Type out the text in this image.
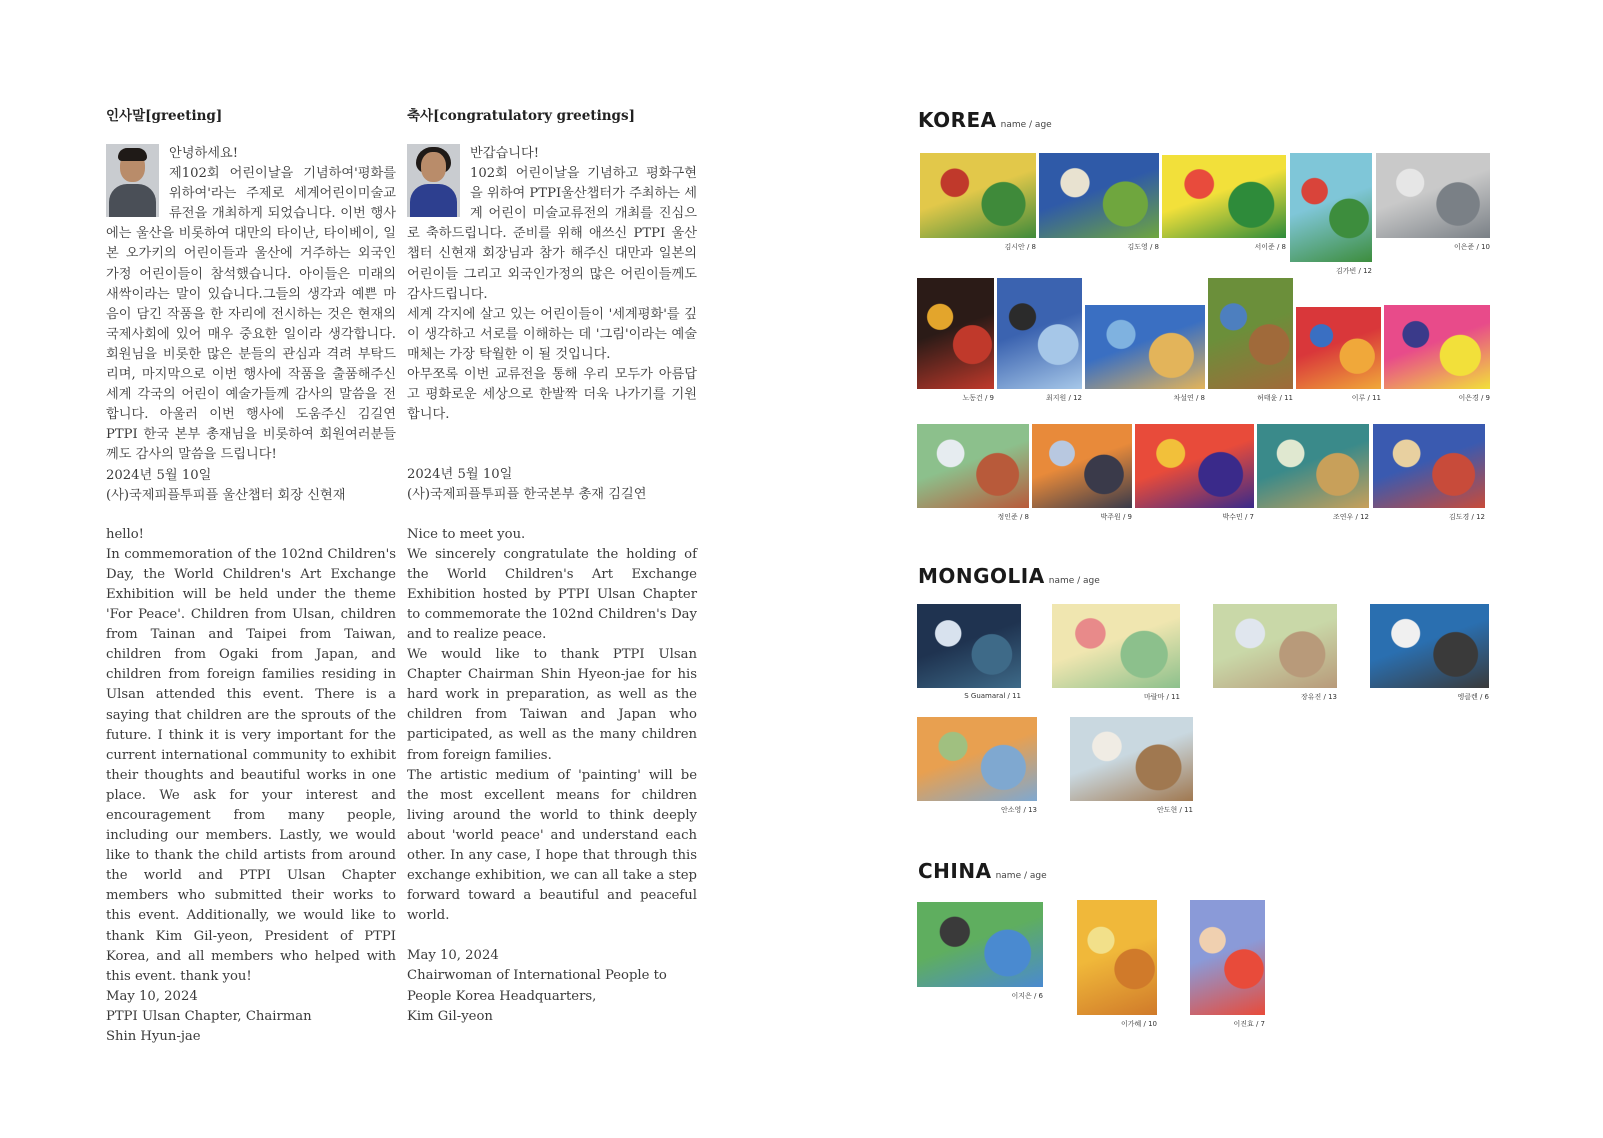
인사말[greeting]

안녕하세요!

제102회 어린이날을 기념하여'평화를 위하여'라는 주제로 세계어린이미술교류전을 개최하게 되었습니다. 이번 행사에는 울산을 비롯하여 대만의 타이난, 타이베이, 일본 오가키의 어린이들과 울산에 거주하는 외국인 가정 어린이들이 참석했습니다. 아이들은 미래의 새싹이라는 말이 있습니다.그들의 생각과 예쁜 마음이 담긴 작품을 한 자리에 전시하는 것은 현재의 국제사회에 있어 매우 중요한 일이라 생각합니다. 회원님을 비롯한 많은 분들의 관심과 격려 부탁드리며, 마지막으로 이번 행사에 작품을 출품해주신 세계 각국의 어린이 예술가들께 감사의 말씀을 전합니다. 아울러 이번 행사에 도움주신 김길연 PTPI 한국 본부 총재님을 비롯하여 회원여러분들께도 감사의 말씀을 드립니다!

2024년 5월 10일

(사)국제피플투피플 울산챕터 회장 신현재

hello!

In commemoration of the 102nd Children's Day, the World Children's Art Exchange Exhibition will be held under the theme 'For Peace'. Children from Ulsan, children from Tainan and Taipei from Taiwan, children from Ogaki from Japan, and children from foreign families residing in Ulsan attended this event. There is a saying that children are the sprouts of the future. I think it is very important for the current international community to exhibit their thoughts and beautiful works in one place. We ask for your interest and encouragement from many people, including our members. Lastly, we would like to thank the child artists from around the world and PTPI Ulsan Chapter members who submitted their works to this event. Additionally, we would like to thank Kim Gil-yeon, President of PTPI Korea, and all members who helped with this event. thank you!

May 10, 2024

PTPI Ulsan Chapter, Chairman

Shin Hyun-jae

축사[congratulatory greetings]

반갑습니다!

102회 어린이날을 기념하고 평화구현을 위하여 PTPI울산챕터가 주최하는 세계 어린이 미술교류전의 개최를 진심으로 축하드립니다. 준비를 위해 애쓰신 PTPI 울산챕터 신현재 회장님과 참가 해주신 대만과 일본의 어린이들 그리고 외국인가정의 많은 어린이들께도 감사드립니다.

세계 각지에 살고 있는 어린이들이 '세계평화'를 깊이 생각하고 서로를 이해하는 데 '그림'이라는 예술 매체는 가장 탁월한 이 될 것입니다.

아무쪼록 이번 교류전을 통해 우리 모두가 아름답고 평화로운 세상으로 한발짝 더욱 나가기를 기원합니다.

2024년 5월 10일

(사)국제피플투피플 한국본부 총재 김길연

Nice to meet you.

We sincerely congratulate the holding of the World Children's Art Exchange Exhibition hosted by PTPI Ulsan Chapter to commemorate the 102nd Children's Day and to realize peace.

We would like to thank PTPI Ulsan Chapter Chairman Shin Hyeon-jae for his hard work in preparation, as well as the children from Taiwan and Japan who participated, as well as the many children from foreign families.

The artistic medium of 'painting' will be the most excellent means for children living around the world to think deeply about 'world peace' and understand each other. In any case, I hope that through this exchange exhibition, we can all take a step forward toward a beautiful and peaceful world.

May 10, 2024

Chairwoman of International People to

People Korea Headquarters,

Kim Gil-yeon

KOREA name / age
MONGOLIA name / age
CHINA name / age
김시안 / 8	김도영 / 8	서이준 / 8
김가빈 / 12
이은준 / 10
노동건 / 9	최지원 / 12	차설연 / 8	허태윤 / 11	이루 / 11	이은경 / 9
정인준 / 8	박주원 / 9	박수민 / 7	조연우 / 12	김도경 / 12
S Guamaral / 11	마랄마 / 11	장유진 / 13	엥클렌 / 6
안소영 / 13	안도현 / 11
이지은 / 6
이가혜 / 10	이진효 / 7
